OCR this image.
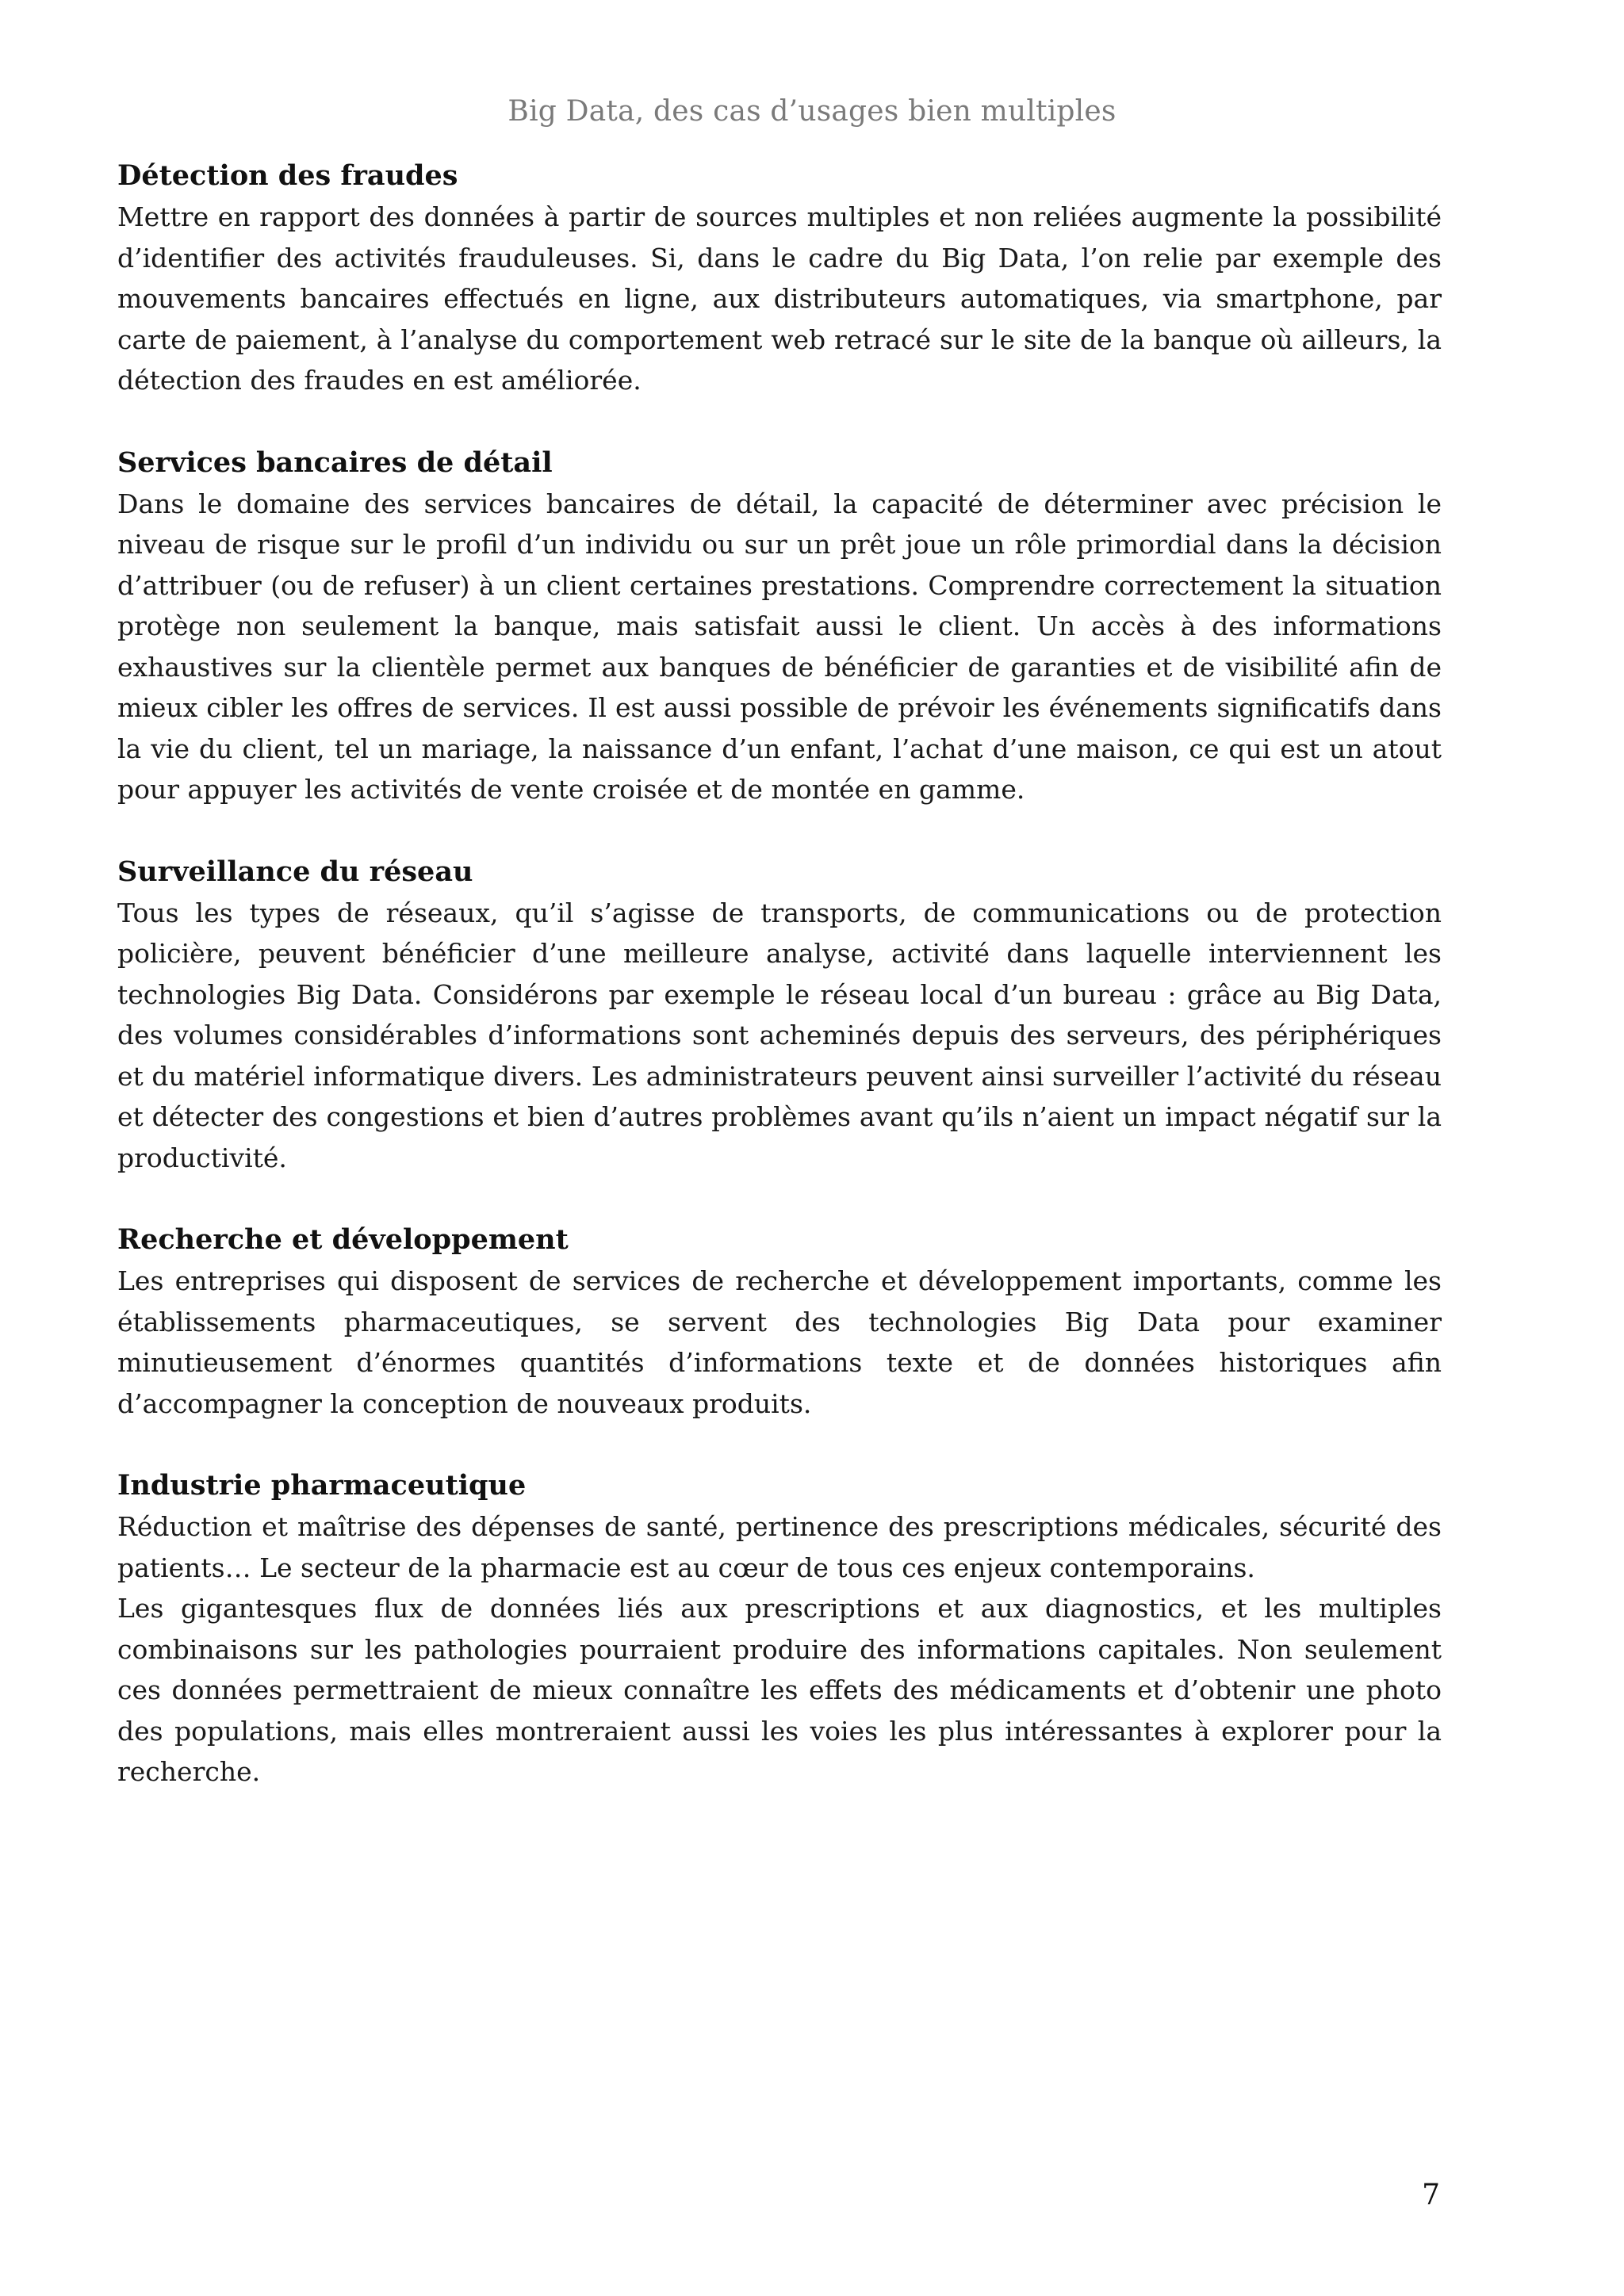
Big Data, des cas d’usages bien multiples
Détection des fraudes

Mettre en rapport des données à partir de sources multiples et non reliées augmente la possibilité d’identifier des activités frauduleuses. Si, dans le cadre du Big Data, l’on relie par exemple des mouvements bancaires effectués en ligne, aux distributeurs automatiques, via smartphone, par carte de paiement, à l’analyse du comportement web retracé sur le site de la banque où ailleurs, la détection des fraudes en est améliorée.

Services bancaires de détail

Dans le domaine des services bancaires de détail, la capacité de déterminer avec précision le niveau de risque sur le profil d’un individu ou sur un prêt joue un rôle primordial dans la décision d’attribuer (ou de refuser) à un client certaines prestations. Comprendre correctement la situation protège non seulement la banque, mais satisfait aussi le client. Un accès à des informations exhaustives sur la clientèle permet aux banques de bénéficier de garanties et de visibilité afin de mieux cibler les offres de services. Il est aussi possible de prévoir les événements significatifs dans la vie du client, tel un mariage, la naissance d’un enfant, l’achat d’une maison, ce qui est un atout pour appuyer les activités de vente croisée et de montée en gamme.

Surveillance du réseau

Tous les types de réseaux, qu’il s’agisse de transports, de communications ou de protection policière, peuvent bénéficier d’une meilleure analyse, activité dans laquelle interviennent les technologies Big Data. Considérons par exemple le réseau local d’un bureau : grâce au Big Data, des volumes considérables d’informations sont acheminés depuis des serveurs, des périphériques et du matériel informatique divers. Les administrateurs peuvent ainsi surveiller l’activité du réseau et détecter des congestions et bien d’autres problèmes avant qu’ils n’aient un impact négatif sur la productivité.

Recherche et développement

Les entreprises qui disposent de services de recherche et développement importants, comme les établissements pharmaceutiques, se servent des technologies Big Data pour examiner minutieusement d’énormes quantités d’informations texte et de données historiques afin d’accompagner la conception de nouveaux produits.

Industrie pharmaceutique

Réduction et maîtrise des dépenses de santé, pertinence des prescriptions médicales, sécurité des patients… Le secteur de la pharmacie est au cœur de tous ces enjeux contemporains.

Les gigantesques flux de données liés aux prescriptions et aux diagnostics, et les multiples combinaisons sur les pathologies pourraient produire des informations capitales. Non seulement ces données permettraient de mieux connaître les effets des médicaments et d’obtenir une photo des populations, mais elles montreraient aussi les voies les plus intéressantes à explorer pour la recherche.

7
